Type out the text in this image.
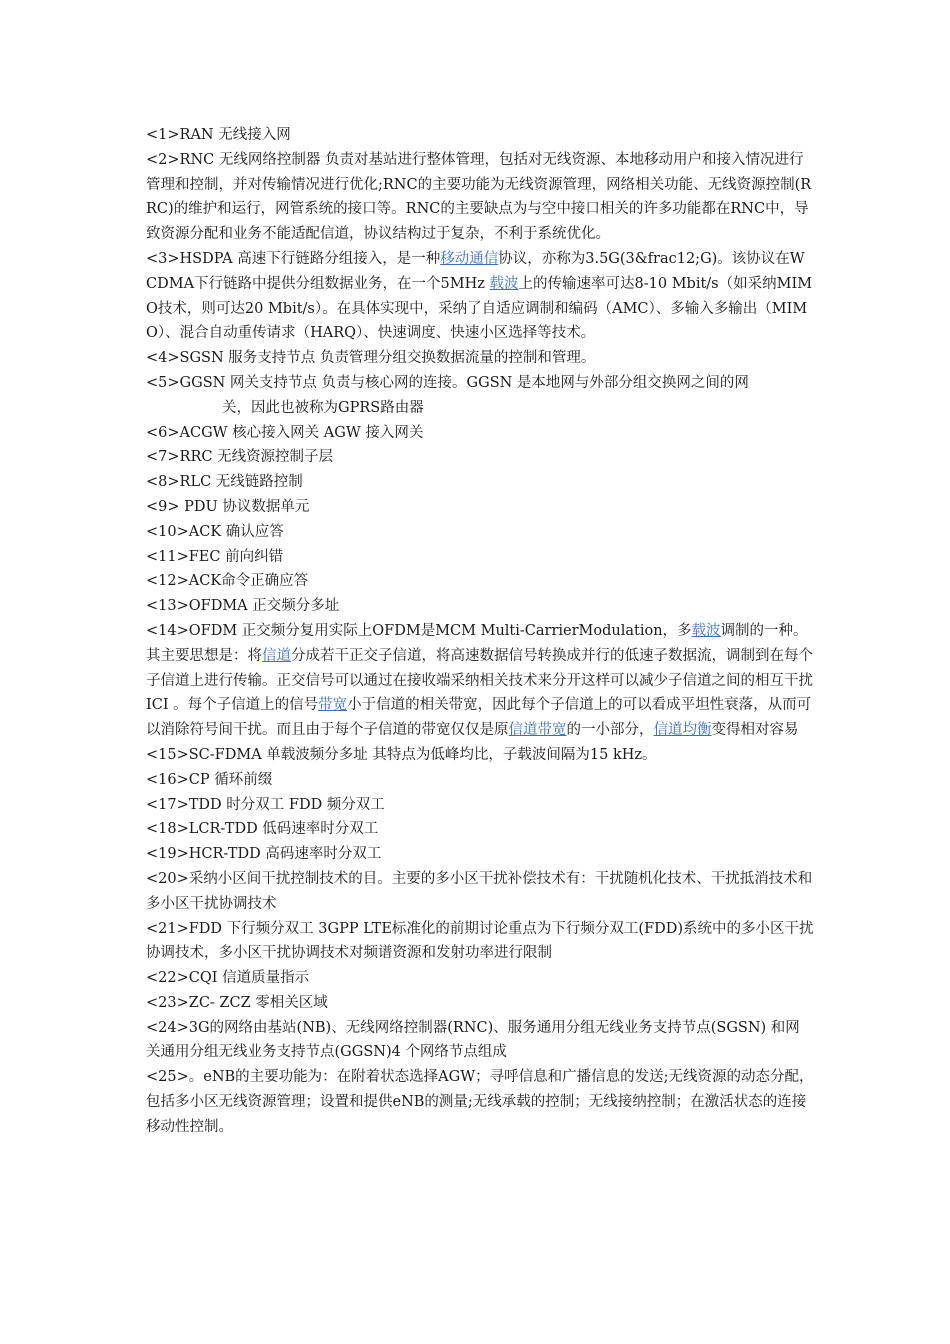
<1>RAN 无线接入网

<2>RNC 无线网络控制器 负责对基站进行整体管理，包括对无线资源、本地移动用户和接入情况进行管理和控制，并对传输情况进行优化;RNC的主要功能为无线资源管理，网络相关功能、无线资源控制(RRC)的维护和运行，网管系统的接口等。RNC的主要缺点为与空中接口相关的许多功能都在RNC中，导致资源分配和业务不能适配信道，协议结构过于复杂，不利于系统优化。

<3>HSDPA 高速下行链路分组接入，是一种移动通信协议，亦称为3.5G(3&frac12;G)。该协议在WCDMA下行链路中提供分组数据业务，在一个5MHz 载波上的传输速率可达8-10 Mbit/s（如采纳MIMO技术，则可达20 Mbit/s）。在具体实现中，采纳了自适应调制和编码（AMC）、多输入多输出（MIMO）、混合自动重传请求（HARQ）、快速调度、快速小区选择等技术。

<4>SGSN 服务支持节点 负责管理分组交换数据流量的控制和管理。

<5>GGSN 网关支持节点 负责与核心网的连接。GGSN 是本地网与外部分组交换网之间的网

关，因此也被称为GPRS路由器

<6>ACGW 核心接入网关 AGW 接入网关

<7>RRC 无线资源控制子层

<8>RLC 无线链路控制

<9> PDU 协议数据单元

<10>ACK 确认应答

<11>FEC 前向纠错

<12>ACK命令正确应答

<13>OFDMA 正交频分多址

<14>OFDM 正交频分复用实际上OFDM是MCM Multi-CarrierModulation，多载波调制的一种。其主要思想是：将信道分成若干正交子信道，将高速数据信号转换成并行的低速子数据流，调制到在每个子信道上进行传输。正交信号可以通过在接收端采纳相关技术来分开这样可以减少子信道之间的相互干扰 ICI 。每个子信道上的信号带宽小于信道的相关带宽，因此每个子信道上的可以看成平坦性衰落，从而可以消除符号间干扰。而且由于每个子信道的带宽仅仅是原信道带宽的一小部分，信道均衡变得相对容易

<15>SC-FDMA 单载波频分多址 其特点为低峰均比，子载波间隔为15 kHz。

<16>CP 循环前缀

<17>TDD 时分双工 FDD 频分双工

<18>LCR-TDD 低码速率时分双工

<19>HCR-TDD 高码速率时分双工

<20>采纳小区间干扰控制技术的目。主要的多小区干扰补偿技术有：干扰随机化技术、干扰抵消技术和多小区干扰协调技术

<21>FDD 下行频分双工 3GPP LTE标准化的前期讨论重点为下行频分双工(FDD)系统中的多小区干扰协调技术，多小区干扰协调技术对频谱资源和发射功率进行限制

<22>CQI 信道质量指示

<23>ZC- ZCZ 零相关区域

<24>3G的网络由基站(NB)、无线网络控制器(RNC)、服务通用分组无线业务支持节点(SGSN) 和网关通用分组无线业务支持节点(GGSN)4 个网络节点组成

<25>。eNB的主要功能为：在附着状态选择AGW；寻呼信息和广播信息的发送;无线资源的动态分配，包括多小区无线资源管理；设置和提供eNB的测量;无线承载的控制；无线接纳控制；在激活状态的连接移动性控制。
